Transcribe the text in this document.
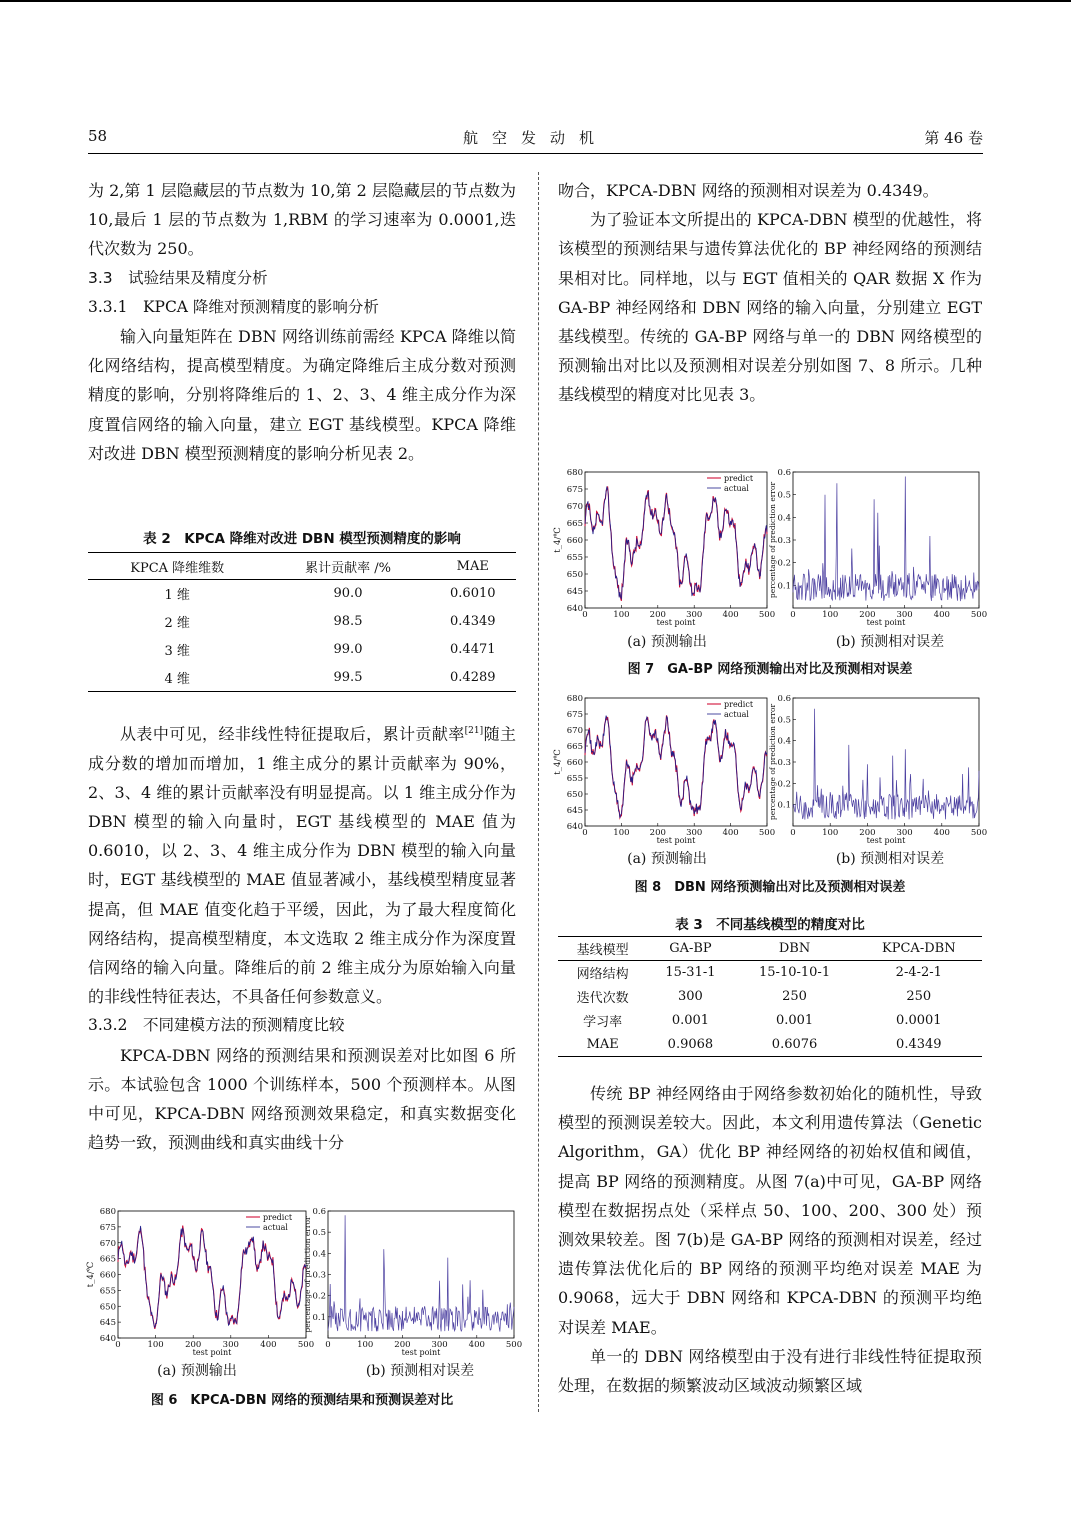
58	航空发动机	第 46 卷

为 2,第 1 层隐藏层的节点数为 10,第 2 层隐藏层的节点数为 10,最后 1 层的节点数为 1,RBM 的学习速率为 0.0001,迭代次数为 250。

3.3　试验结果及精度分析

3.3.1　KPCA 降维对预测精度的影响分析

输入向量矩阵在 DBN 网络训练前需经 KPCA 降维以简化网络结构，提高模型精度。为确定降维后主成分数对预测精度的影响，分别将降维后的 1、2、3、4 维主成分作为深度置信网络的输入向量，建立 EGT 基线模型。KPCA 降维对改进 DBN 模型预测精度的影响分析见表 2。

表 2　KPCA 降维对改进 DBN 模型预测精度的影响
KPCA 降维维数	累计贡献率 /%	MAE
1 维	90.0	0.6010
2 维	98.5	0.4349
3 维	99.0	0.4471
4 维	99.5	0.4289

从表中可见，经非线性特征提取后，累计贡献率[21]随主成分数的增加而增加，1 维主成分的累计贡献率为 90%，2、3、4 维的累计贡献率没有明显提高。以 1 维主成分作为 DBN 模型的输入向量时，EGT 基线模型的 MAE 值为 0.6010，以 2、3、4 维主成分作为 DBN 模型的输入向量时，EGT 基线模型的 MAE 值显著减小，基线模型精度显著提高，但 MAE 值变化趋于平缓，因此，为了最大程度简化网络结构，提高模型精度，本文选取 2 维主成分作为深度置信网络的输入向量。降维后的前 2 维主成分为原始输入向量的非线性特征表达，不具备任何参数意义。

3.3.2　不同建模方法的预测精度比较

KPCA-DBN 网络的预测结果和预测误差对比如图 6 所示。本试验包含 1000 个训练样本，500 个预测样本。从图中可见，KPCA-DBN 网络预测效果稳定，和真实数据变化趋势一致，预测曲线和真实曲线十分

640
645
650
655
660
665
670
675
680
0	100	200	300	400	500
test point
t_4/℃
predict
actual
0.1
0.2
0.3
0.4
0.5
0.6
0	100 200 300 400 500
test point
percentage of prediction error
(a) 预测输出	(b) 预测相对误差
图 6　KPCA-DBN 网络的预测结果和预测误差对比

吻合，KPCA-DBN 网络的预测相对误差为 0.4349。

为了验证本文所提出的 KPCA-DBN 模型的优越性，将该模型的预测结果与遗传算法优化的 BP 神经网络的预测结果相对比。同样地，以与 EGT 值相关的 QAR 数据 X 作为 GA-BP 神经网络和 DBN 网络的输入向量，分别建立 EGT 基线模型。传统的 GA-BP 网络与单一的 DBN 网络模型的预测输出对比以及预测相对误差分别如图 7、8 所示。几种基线模型的精度对比见表 3。

640
645
650
655
660
665
670
675
680
0	100 200 300 400 500
test point
t_4/℃
predict
actual
0.1
0.2
0.3
0.4
0.5
0.6
0	100 200 300 400 500
test point
percentage of prediction error
(a) 预测输出	(b) 预测相对误差
图 7　GA-BP 网络预测输出对比及预测相对误差
640
645
650
655
660
665
670
675
680
0	100 200 300 400 500
test point
t_4/℃
predict
actual
0.1
0.2
0.3
0.4
0.5
0.6
0	100 200 300 400 500
test point
percentage of prediction error
(a) 预测输出	(b) 预测相对误差
图 8　DBN 网络预测输出对比及预测相对误差
表 3　不同基线模型的精度对比
基线模型	GA-BP	DBN	KPCA-DBN
网络结构	15-31-1	15-10-10-1	2-4-2-1
迭代次数	300	250	250
学习率	0.001	0.001	0.0001
MAE	0.9068	0.6076	0.4349

传统 BP 神经网络由于网络参数初始化的随机性，导致模型的预测误差较大。因此，本文利用遗传算法（Genetic Algorithm，GA）优化 BP 神经网络的初始权值和阈值，提高 BP 网络的预测精度。从图 7(a)中可见，GA-BP 网络模型在数据拐点处（采样点 50、100、200、300 处）预测效果较差。图 7(b)是 GA-BP 网络的预测相对误差，经过遗传算法优化后的 BP 网络的预测平均绝对误差 MAE 为 0.9068，远大于 DBN 网络和 KPCA-DBN 的预测平均绝对误差 MAE。

单一的 DBN 网络模型由于没有进行非线性特征提取预处理，在数据的频繁波动区域波动频繁区域
